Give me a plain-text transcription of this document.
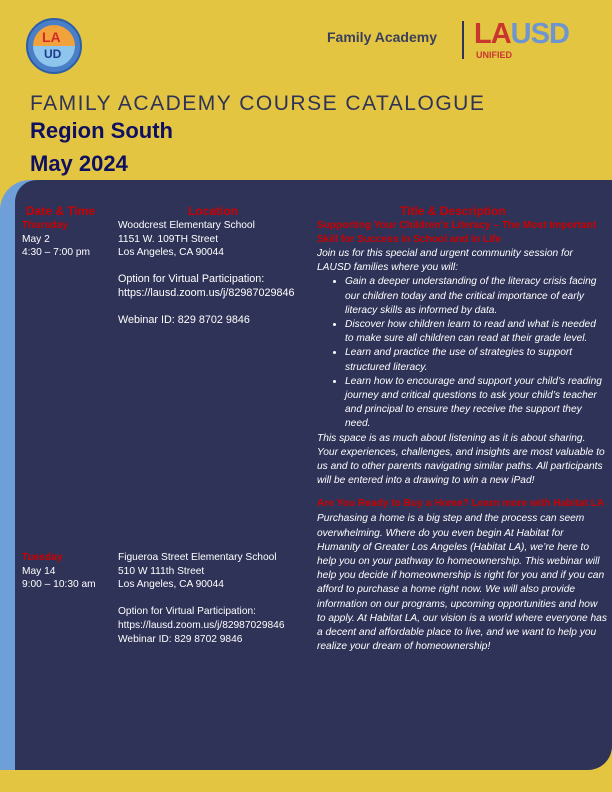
LA
UD
Family Academy LAUSD
UNIFIED
FAMILY ACADEMY COURSE CATALOGUE
Region South
May 2024
Date & Time	Location	Title & Description
Thursday
May 2
4:30 – 7:00 pm
Woodcrest Elementary School
1151 W. 109TH Street
Los Angeles, CA 90044
Option for Virtual Participation:
https://lausd.zoom.us/j/82987029846
Webinar ID: 829 8702 9846
Supporting Your Children’s Literacy – The Most Important Skill for Success in School and in Life
Join us for this special and urgent community session for LAUSD families where you will:
• Gain a deeper understanding of the literacy crisis facing our children today and the critical importance of early literacy skills as informed by data.
• Discover how children learn to read and what is needed to make sure all children can read at their grade level.
• Learn and practice the use of strategies to support structured literacy.
• Learn how to encourage and support your child’s reading journey and critical questions to ask your child’s teacher and principal to ensure they receive the support they need.
This space is as much about listening as it is about sharing. Your experiences, challenges, and insights are most valuable to us and to other parents navigating similar paths. All participants will be entered into a drawing to win a new iPad!
Are You Ready to Buy a Home? Learn more with Habitat LA
Purchasing a home is a big step and the process can seem overwhelming. Where do you even begin At Habitat for Humanity of Greater Los Angeles (Habitat LA), we’re here to help you on your pathway to homeownership. This webinar will help you decide if homeownership is right for you and if you can afford to purchase a home right now. We will also provide information on our programs, upcoming opportunities and how to apply. At Habitat LA, our vision is a world where everyone has a decent and affordable place to live, and we want to help you realize your dream of homeownership!
Tuesday
May 14
9:00 – 10:30 am
Figueroa Street Elementary School
510 W 111th Street
Los Angeles, CA 90044
Option for Virtual Participation:
https://lausd.zoom.us/j/82987029846
Webinar ID: 829 8702 9846
